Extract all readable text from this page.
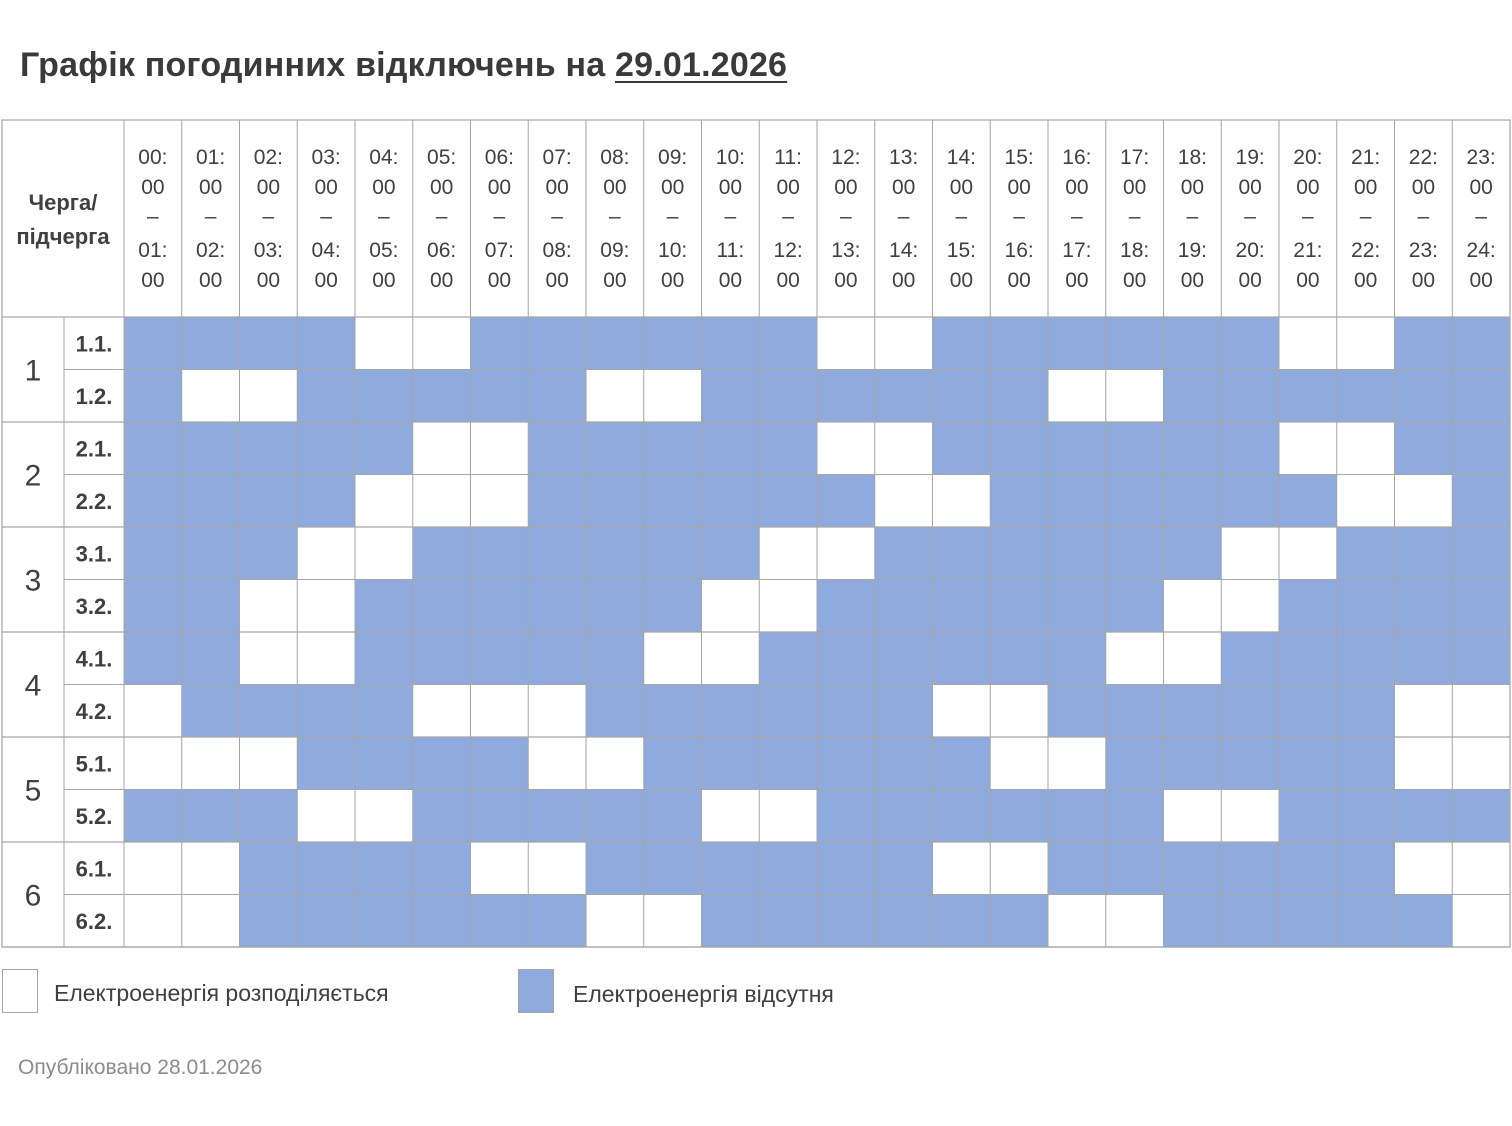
Графік погодинних відключень на 29.01.2026
Черга/
підчерга
00:
00
–
01:
00
01:
00
–
02:
00
02:
00
–
03:
00
03:
00
–
04:
00
04:
00
–
05:
00
05:
00
–
06:
00
06:
00
–
07:
00
07:
00
–
08:
00
08:
00
–
09:
00
09:
00
–
10:
00
10:
00
–
11:
00
11:
00
–
12:
00
12:
00
–
13:
00
13:
00
–
14:
00
14:
00
–
15:
00
15:
00
–
16:
00
16:
00
–
17:
00
17:
00
–
18:
00
18:
00
–
19:
00
19:
00
–
20:
00
20:
00
–
21:
00
21:
00
–
22:
00
22:
00
–
23:
00
23:
00
–
24:
00
1
1.1.
1.2.
2
2.1.
2.2.
3
3.1.
3.2.
4
4.1.
4.2.
5
5.1.
5.2.
6
6.1.
6.2.
Електроенергія розподіляється	Електроенергія відсутня
Опубліковано 28.01.2026
